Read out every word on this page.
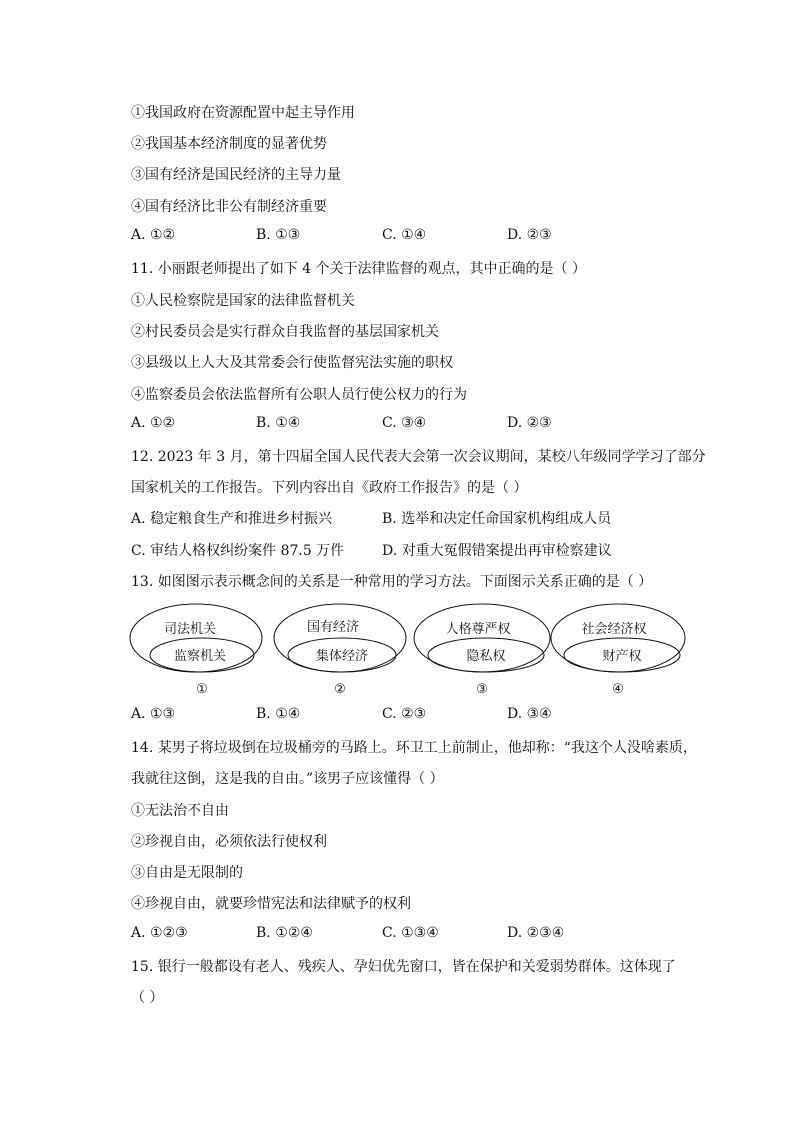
①我国政府在资源配置中起主导作用
②我国基本经济制度的显著优势
③国有经济是国民经济的主导力量
④国有经济比非公有制经济重要
A. ①②	B. ①③	C. ①④	D. ②③
11. 小丽跟老师提出了如下 4 个关于法律监督的观点，其中正确的是（ ）
①人民检察院是国家的法律监督机关
②村民委员会是实行群众自我监督的基层国家机关
③县级以上人大及其常委会行使监督宪法实施的职权
④监察委员会依法监督所有公职人员行使公权力的行为
A. ①②	B. ①④	C. ③④	D. ②③
12. 2023 年 3 月，第十四届全国人民代表大会第一次会议期间，某校八年级同学学习了部分
国家机关的工作报告。下列内容出自《政府工作报告》的是（ ）
A. 稳定粮食生产和推进乡村振兴	B. 选举和决定任命国家机构组成人员
C. 审结人格权纠纷案件 87.5 万件	D. 对重大冤假错案提出再审检察建议
13. 如图图示表示概念间的关系是一种常用的学习方法。下面图示关系正确的是（ ）
司法机关
监察机关
①
国有经济
集体经济
②
人格尊严权
隐私权
③
社会经济权
财产权
④
A. ①③	B. ①④	C. ②③	D. ③④
14. 某男子将垃圾倒在垃圾桶旁的马路上。环卫工上前制止，他却称：“我这个人没啥素质，
我就往这倒，这是我的自由。”该男子应该懂得（ ）
①无法治不自由
②珍视自由，必须依法行使权利
③自由是无限制的
④珍视自由，就要珍惜宪法和法律赋予的权利
A. ①②③	B. ①②④	C. ①③④	D. ②③④
15. 银行一般都设有老人、残疾人、孕妇优先窗口，皆在保护和关爱弱势群体。这体现了
（ ）
